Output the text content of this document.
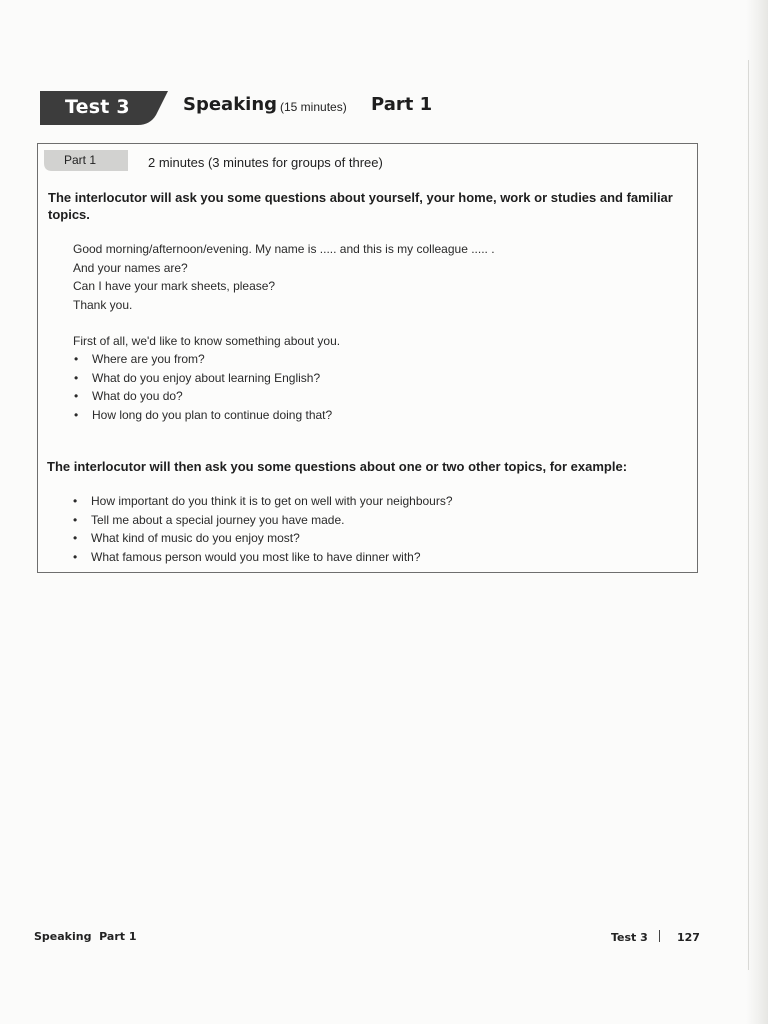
Test 3	Speaking (15 minutes) Part 1
Part 1	2 minutes (3 minutes for groups of three)
The interlocutor will ask you some questions about yourself, your home, work or studies and familiar topics.
Good morning/afternoon/evening. My name is ..... and this is my colleague ..... .
And your names are?
Can I have your mark sheets, please?
Thank you.
First of all, we'd like to know something about you.
• Where are you from?
• What do you enjoy about learning English?
• What do you do?
• How long do you plan to continue doing that?
The interlocutor will then ask you some questions about one or two other topics, for example:
• How important do you think it is to get on well with your neighbours?
• Tell me about a special journey you have made.
• What kind of music do you enjoy most?
• What famous person would you most like to have dinner with?
Speaking  Part 1	Test 3	127
